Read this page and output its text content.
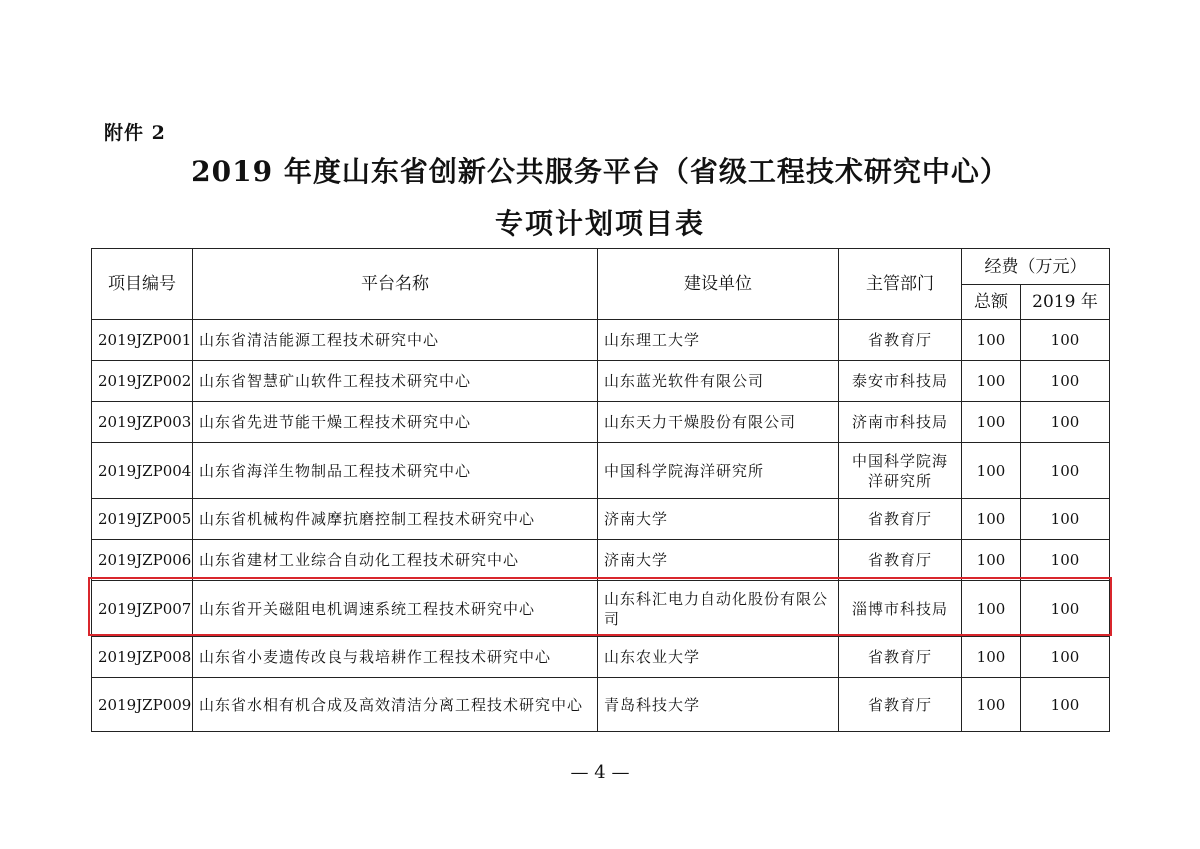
附件 2
2019 年度山东省创新公共服务平台（省级工程技术研究中心）
专项计划项目表
项目编号	平台名称	建设单位	主管部门	经费（万元）	
				总额	2019 年
2019JZP001	山东省清洁能源工程技术研究中心	山东理工大学	省教育厅	100	100
2019JZP002	山东省智慧矿山软件工程技术研究中心	山东蓝光软件有限公司	泰安市科技局	100	100
2019JZP003	山东省先进节能干燥工程技术研究中心	山东天力干燥股份有限公司	济南市科技局	100	100
2019JZP004	山东省海洋生物制品工程技术研究中心	中国科学院海洋研究所	中国科学院海洋研究所	100	100
2019JZP005	山东省机械构件减摩抗磨控制工程技术研究中心	济南大学	省教育厅	100	100
2019JZP006	山东省建材工业综合自动化工程技术研究中心	济南大学	省教育厅	100	100
2019JZP007	山东省开关磁阻电机调速系统工程技术研究中心	山东科汇电力自动化股份有限公司	淄博市科技局	100	100
2019JZP008	山东省小麦遗传改良与栽培耕作工程技术研究中心	山东农业大学	省教育厅	100	100
2019JZP009	山东省水相有机合成及高效清洁分离工程技术研究中心	青岛科技大学	省教育厅	100	100
— 4 —
